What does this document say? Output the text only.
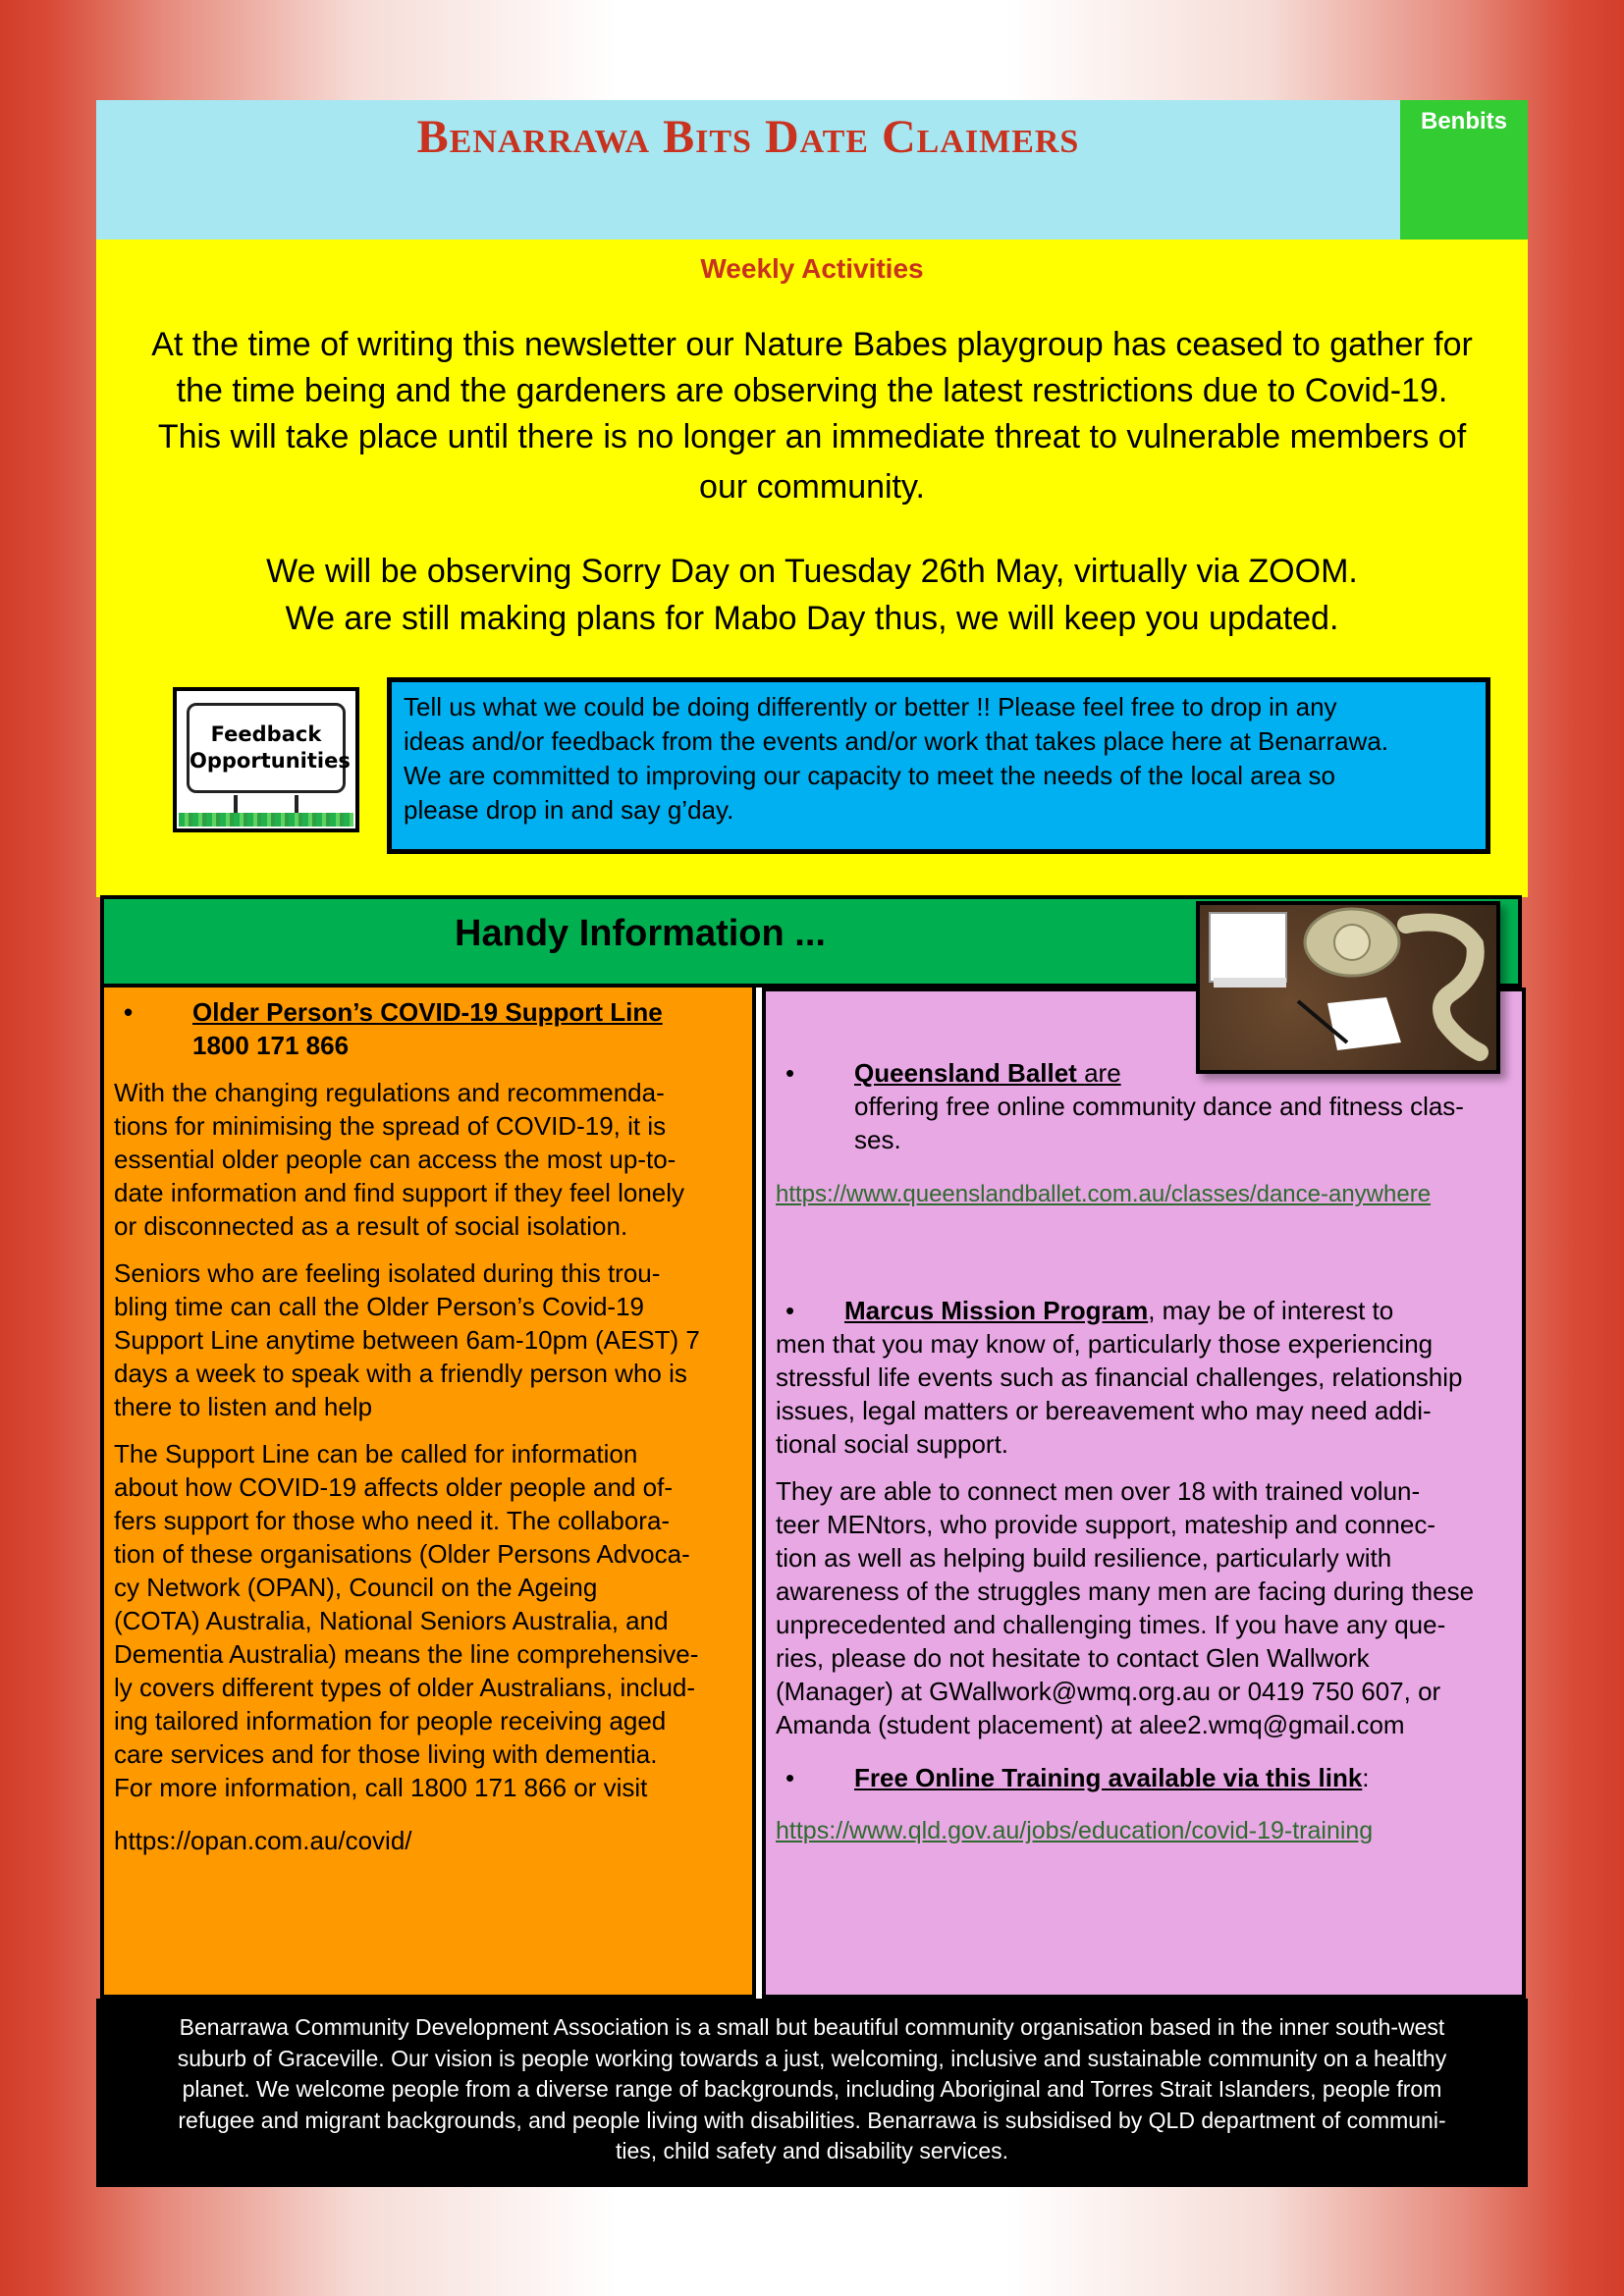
Benarrawa Bits Date Claimers	Benbits
Weekly Activities
At the time of writing this newsletter our Nature Babes playgroup has ceased to gather for
the time being and the gardeners are observing the latest restrictions due to Covid-19.
This will take place until there is no longer an immediate threat to vulnerable members of
our community.
We will be observing Sorry Day on Tuesday 26th May, virtually via ZOOM.
We are still making plans for Mabo Day thus, we will keep you updated.
Feedback
Opportunities
Tell us what we could be doing differently or better !! Please feel free to drop in any
ideas and/or feedback from the events and/or work that takes place here at Benarrawa.
We are committed to improving our capacity to meet the needs of the local area so
please drop in and say g’day.
Handy Information ...
• Older Person’s COVID-19 Support Line
1800 171 866

With the changing regulations and recommenda-
tions for minimising the spread of COVID-19, it is
essential older people can access the most up-to-
date information and find support if they feel lonely
or disconnected as a result of social isolation.

Seniors who are feeling isolated during this trou-
bling time can call the Older Person’s Covid-19
Support Line anytime between 6am-10pm (AEST) 7
days a week to speak with a friendly person who is
there to listen and help

The Support Line can be called for information
about how COVID-19 affects older people and of-
fers support for those who need it. The collabora-
tion of these organisations (Older Persons Advoca-
cy Network (OPAN), Council on the Ageing
(COTA) Australia, National Seniors Australia, and
Dementia Australia) means the line comprehensive-
ly covers different types of older Australians, includ-
ing tailored information for people receiving aged
care services and for those living with dementia.
For more information, call 1800 171 866 or visit

https://opan.com.au/covid/

• Queensland Ballet are
offering free online community dance and fitness clas-
ses.
https://www.queenslandballet.com.au/classes/dance-anywhere
• Marcus Mission Program, may be of interest to
men that you may know of, particularly those experiencing
stressful life events such as financial challenges, relationship
issues, legal matters or bereavement who may need addi-
tional social support.
They are able to connect men over 18 with trained volun-
teer MENtors, who provide support, mateship and connec-
tion as well as helping build resilience, particularly with
awareness of the struggles many men are facing during these
unprecedented and challenging times. If you have any que-
ries, please do not hesitate to contact Glen Wallwork
(Manager) at GWallwork@wmq.org.au or 0419 750 607, or
Amanda (student placement) at alee2.wmq@gmail.com
• Free Online Training available via this link:
https://www.qld.gov.au/jobs/education/covid-19-training
Benarrawa Community Development Association is a small but beautiful community organisation based in the inner south-west
suburb of Graceville. Our vision is people working towards a just, welcoming, inclusive and sustainable community on a healthy
planet. We welcome people from a diverse range of backgrounds, including Aboriginal and Torres Strait Islanders, people from
refugee and migrant backgrounds, and people living with disabilities. Benarrawa is subsidised by QLD department of communi-
ties, child safety and disability services.
